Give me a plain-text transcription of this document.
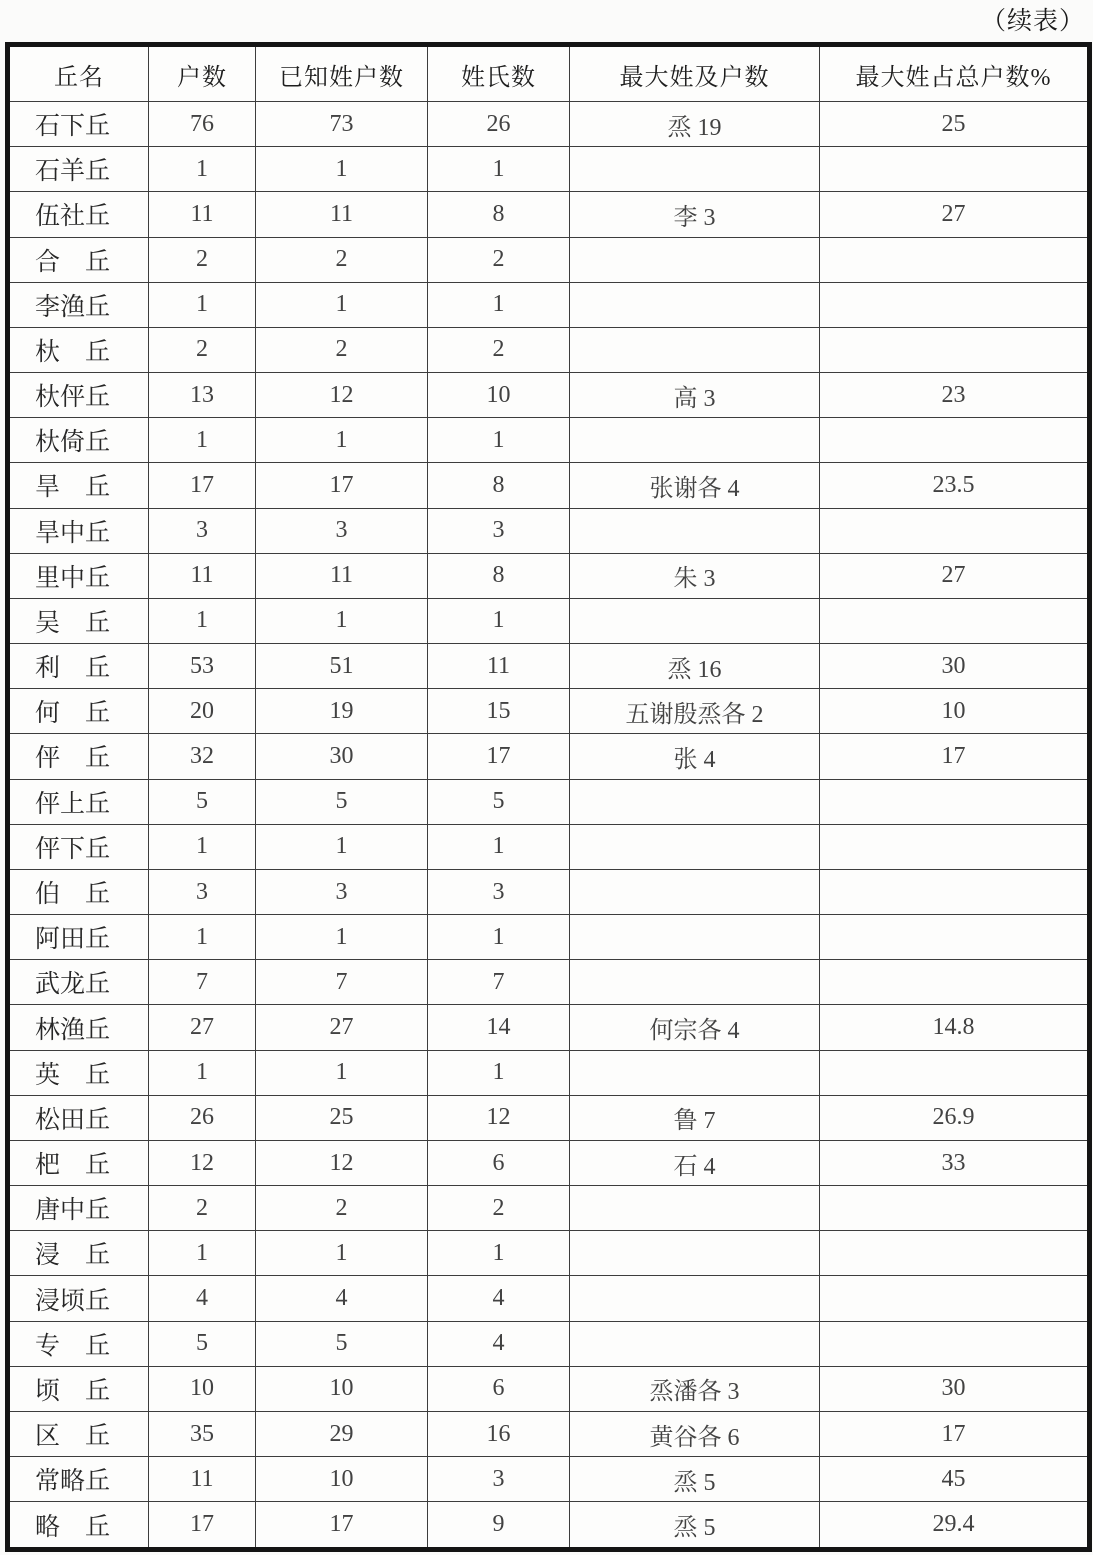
（续表）
丘名	户数	已知姓户数	姓氏数	最大姓及户数	最大姓占总户数%
石下丘	76	73	26	烝 19	25
石羊丘	1	1	1		
伍社丘	11	11	8	李 3	27
合　丘	2	2	2		
李渔丘	1	1	1		
杕　丘	2	2	2		
杕伻丘	13	12	10	高 3	23
杕倚丘	1	1	1		
旱　丘	17	17	8	张谢各 4	23.5
旱中丘	3	3	3		
里中丘	11	11	8	朱 3	27
吴　丘	1	1	1		
利　丘	53	51	11	烝 16	30
何　丘	20	19	15	五谢殷烝各 2	10
伻　丘	32	30	17	张 4	17
伻上丘	5	5	5		
伻下丘	1	1	1		
伯　丘	3	3	3		
阿田丘	1	1	1		
武龙丘	7	7	7		
林渔丘	27	27	14	何宗各 4	14.8
英　丘	1	1	1		
松田丘	26	25	12	鲁 7	26.9
杷　丘	12	12	6	石 4	33
唐中丘	2	2	2		
浸　丘	1	1	1		
浸顷丘	4	4	4		
专　丘	5	5	4		
顷　丘	10	10	6	烝潘各 3	30
区　丘	35	29	16	黄谷各 6	17
常略丘	11	10	3	烝 5	45
略　丘	17	17	9	烝 5	29.4
